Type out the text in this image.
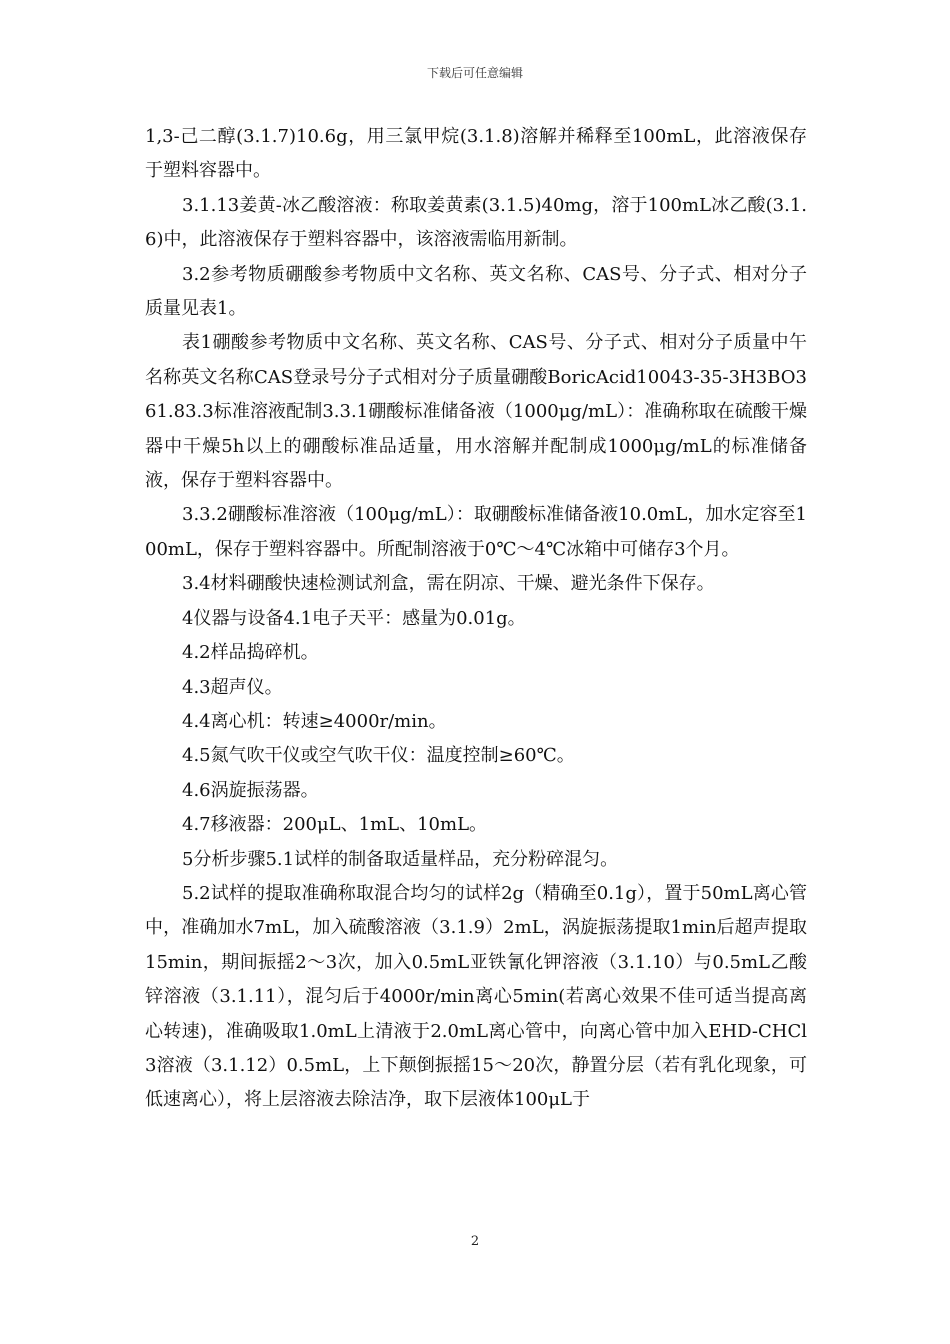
下载后可任意编辑

1,3-己二醇(3.1.7)10.6g，用三氯甲烷(3.1.8)溶解并稀释至100mL，此溶液保存于塑料容器中。

3.1.13姜黄-冰乙酸溶液：称取姜黄素(3.1.5)40mg，溶于100mL冰乙酸(3.1.6)中，此溶液保存于塑料容器中，该溶液需临用新制。

3.2参考物质硼酸参考物质中文名称、英文名称、CAS号、分子式、相对分子质量见表1。

表1硼酸参考物质中文名称、英文名称、CAS号、分子式、相对分子质量中午名称英文名称CAS登录号分子式相对分子质量硼酸BoricAcid10043-35-3H3BO361.83.3标准溶液配制3.3.1硼酸标准储备液（1000μg/mL）：准确称取在硫酸干燥器中干燥5h以上的硼酸标准品适量，用水溶解并配制成1000μg/mL的标准储备液，保存于塑料容器中。

3.3.2硼酸标准溶液（100μg/mL）：取硼酸标准储备液10.0mL，加水定容至100mL，保存于塑料容器中。所配制溶液于0℃～4℃冰箱中可储存3个月。

3.4材料硼酸快速检测试剂盒，需在阴凉、干燥、避光条件下保存。

4仪器与设备4.1电子天平：感量为0.01g。

4.2样品捣碎机。

4.3超声仪。

4.4离心机：转速≥4000r/min。

4.5氮气吹干仪或空气吹干仪：温度控制≥60℃。

4.6涡旋振荡器。

4.7移液器：200μL、1mL、10mL。

5分析步骤5.1试样的制备取适量样品，充分粉碎混匀。

5.2试样的提取准确称取混合均匀的试样2g（精确至0.1g），置于50mL离心管中，准确加水7mL，加入硫酸溶液（3.1.9）2mL，涡旋振荡提取1min后超声提取15min，期间振摇2～3次，加入0.5mL亚铁氰化钾溶液（3.1.10）与0.5mL乙酸锌溶液（3.1.11），混匀后于4000r/min离心5min(若离心效果不佳可适当提高离心转速)，准确吸取1.0mL上清液于2.0mL离心管中，向离心管中加入EHD-CHCl3溶液（3.1.12）0.5mL，上下颠倒振摇15～20次，静置分层（若有乳化现象，可低速离心），将上层溶液去除洁净，取下层液体100μL于

2
